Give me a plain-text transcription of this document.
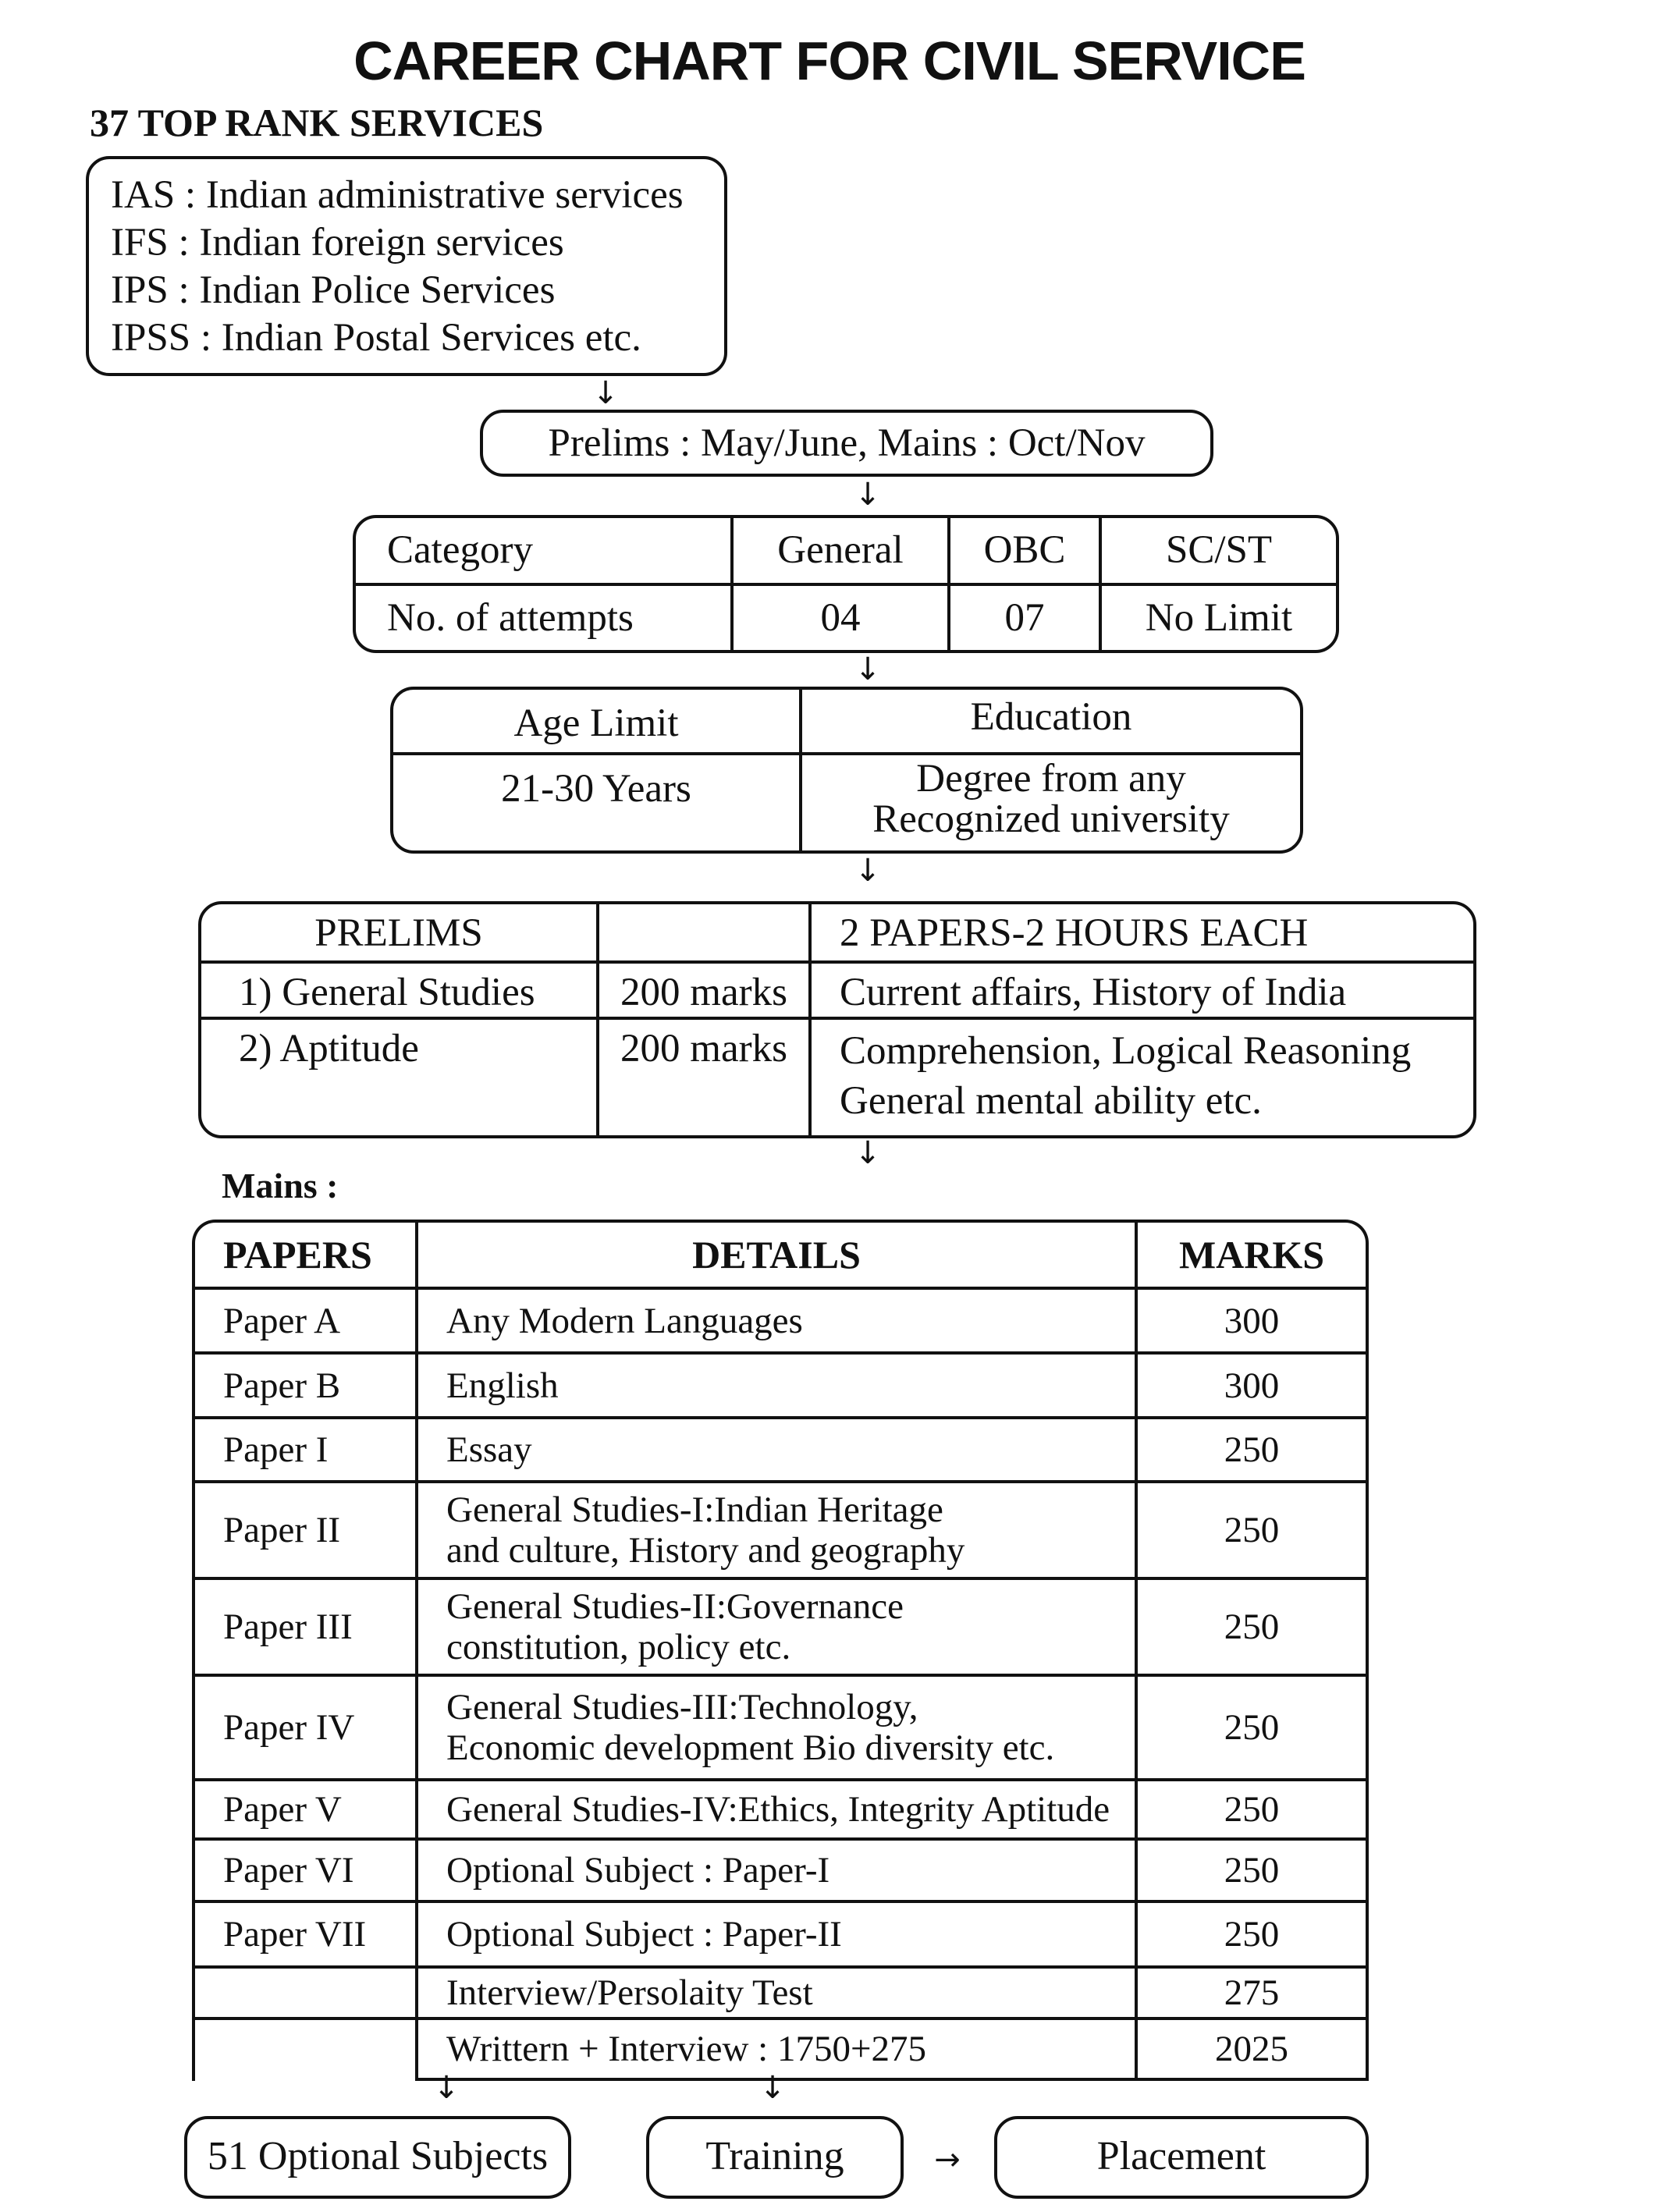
CAREER CHART FOR CIVIL SERVICE
37 TOP RANK SERVICES
IAS : Indian administrative services
IFS : Indian foreign services
IPS : Indian Police Services
IPSS : Indian Postal Services etc.
↓
Prelims : May/June, Mains : Oct/Nov
↓
Category	General	OBC	SC/ST
No. of attempts	04	07	No Limit
↓
Age Limit	Education
21-30 Years	Degree from any
Recognized university
↓
PRELIMS		2 PAPERS-2 HOURS EACH
1) General Studies	200 marks	Current affairs, History of India
2) Aptitude	200 marks	Comprehension, Logical Reasoning
General mental ability etc.
↓
Mains :
PAPERS	DETAILS	MARKS
Paper A	Any Modern Languages	300
Paper B	English	300
Paper I	Essay	250
Paper II	General Studies-I:Indian Heritage
and culture, History and geography	250
Paper III	General Studies-II:Governance
constitution, policy etc.	250
Paper IV	General Studies-III:Technology,
Economic development Bio diversity etc.	250
Paper V	General Studies-IV:Ethics, Integrity Aptitude	250
Paper VI	Optional Subject : Paper-I	250
Paper VII	Optional Subject : Paper-II	250
	Interview/Persolaity Test	275
	Writtern + Interview : 1750+275	2025
↓	↓
51 Optional Subjects	Training	→	Placement
